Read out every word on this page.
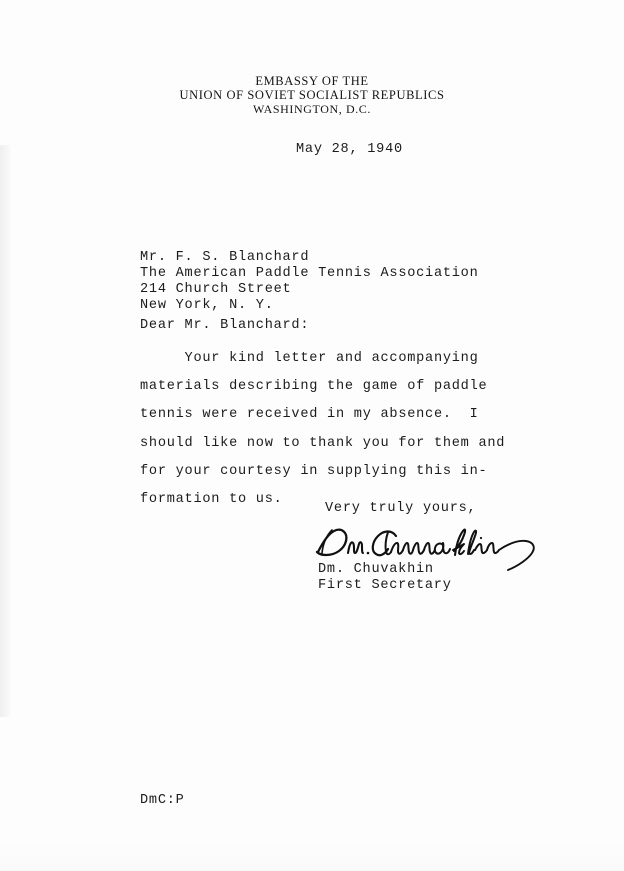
EMBASSY OF THE
UNION OF SOVIET SOCIALIST REPUBLICS
WASHINGTON, D.C.
May 28, 1940
Mr. F. S. Blanchard
The American Paddle Tennis Association
214 Church Street
New York, N. Y.
Dear Mr. Blanchard:
Your kind letter and accompanying
materials describing the game of paddle
tennis were received in my absence.  I
should like now to thank you for them and
for your courtesy in supplying this in-
formation to us.
Very truly yours,
Dm. Chuvakhin
First Secretary
DmC:P
